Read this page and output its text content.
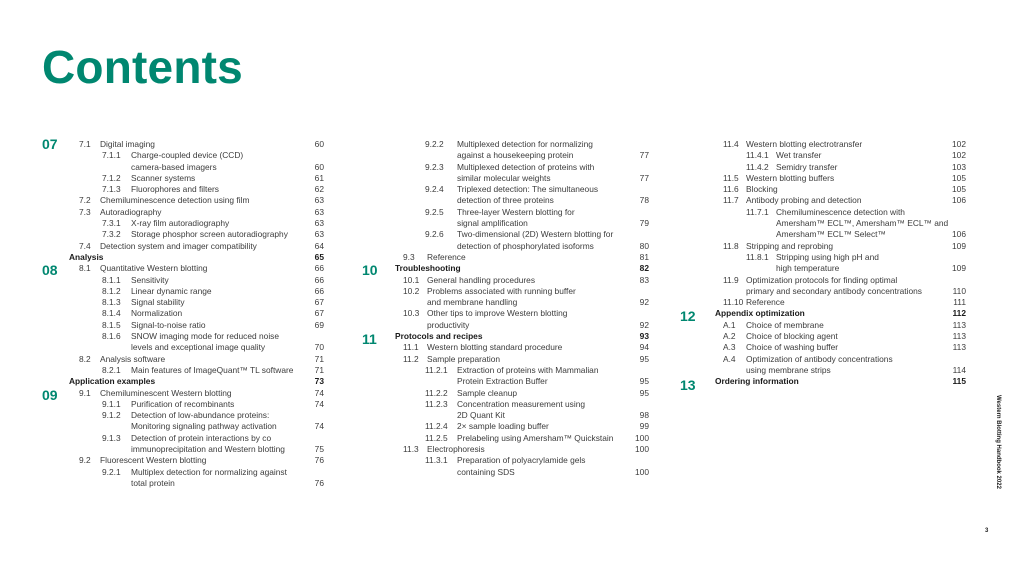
Contents
07
08
09
10
11
12
13
7.1 Digital imaging	60
7.1.1 Charge-coupled device (CCD)
camera-based imagers	60
7.1.2 Scanner systems	61
7.1.3 Fluorophores and filters	62
7.2 Chemiluminescence detection using film	63
7.3 Autoradiography	63
7.3.1 X-ray film autoradiography	63
7.3.2 Storage phosphor screen autoradiography	63
7.4 Detection system and imager compatibility	64
Analysis	65
8.1 Quantitative Western blotting	66
8.1.1 Sensitivity	66
8.1.2 Linear dynamic range	66
8.1.3 Signal stability	67
8.1.4 Normalization	67
8.1.5 Signal-to-noise ratio	69
8.1.6 SNOW imaging mode for reduced noise
levels and exceptional image quality	70
8.2 Analysis software	71
8.2.1 Main features of ImageQuant™ TL software	71
Application examples	73
9.1 Chemiluminescent Western blotting	74
9.1.1 Purification of recombinants	74
9.1.2 Detection of low-abundance proteins:
Monitoring signaling pathway activation	74
9.1.3 Detection of protein interactions by co
immunoprecipitation and Western blotting	75
9.2 Fluorescent Western blotting	76
9.2.1 Multiplex detection for normalizing against
total protein	76
9.2.2 Multiplexed detection for normalizing
against a housekeeping protein	77
9.2.3 Multiplexed detection of proteins with
similar molecular weights	77
9.2.4 Triplexed detection: The simultaneous
detection of three proteins	78
9.2.5 Three-layer Western blotting for
signal amplification	79
9.2.6 Two-dimensional (2D) Western blotting for
detection of phosphorylated isoforms	80
9.3 Reference	81
Troubleshooting	82
10.1 General handling procedures	83
10.2 Problems associated with running buffer
and membrane handling	92
10.3 Other tips to improve Western blotting
productivity	92
Protocols and recipes	93
11.1 Western blotting standard procedure	94
11.2 Sample preparation	95
11.2.1 Extraction of proteins with Mammalian
Protein Extraction Buffer	95
11.2.2 Sample cleanup	95
11.2.3 Concentration measurement using
2D Quant Kit	98
11.2.4 2× sample loading buffer	99
11.2.5 Prelabeling using Amersham™ Quickstain	100
11.3 Electrophoresis	100
11.3.1 Preparation of polyacrylamide gels
containing SDS	100
11.4 Western blotting electrotransfer	102
11.4.1 Wet transfer	102
11.4.2 Semidry transfer	103
11.5 Western blotting buffers	105
11.6 Blocking	105
11.7 Antibody probing and detection	106
11.7.1 Chemiluminescence detection with
Amersham™ ECL™, Amersham™ ECL™ and
Amersham™ ECL™ Select™	106
11.8 Stripping and reprobing	109
11.8.1 Stripping using high pH and
high temperature	109
11.9 Optimization protocols for finding optimal
primary and secondary antibody concentrations	110
11.10 Reference	111
Appendix optimization	112
A.1 Choice of membrane	113
A.2 Choice of blocking agent	113
A.3 Choice of washing buffer	113
A.4 Optimization of antibody concentrations
using membrane strips	114
Ordering information	115
Western Blotting Handbook 2022
3
